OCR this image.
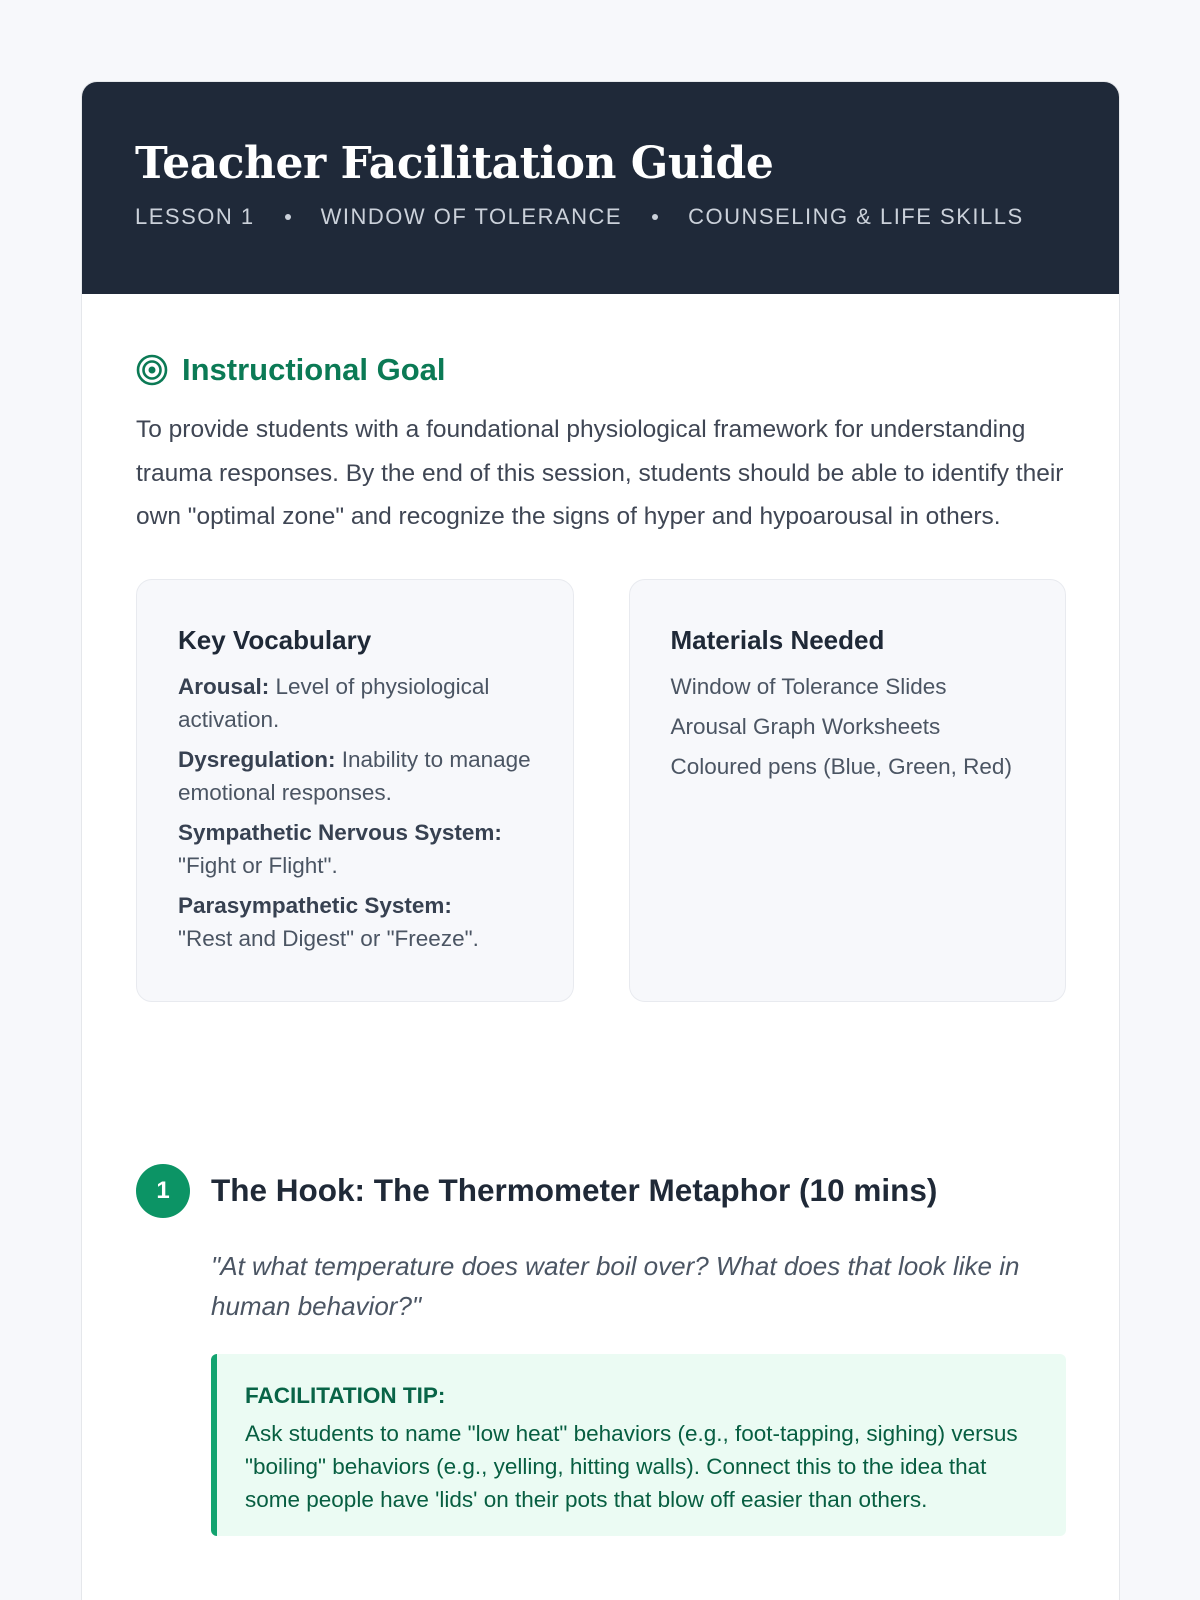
Teacher Facilitation Guide
LESSON 1	WINDOW OF TOLERANCE	COUNSELING & LIFE SKILLS
Instructional Goal

To provide students with a foundational physiological framework for understanding trauma responses. By the end of this session, students should be able to identify their own "optimal zone" and recognize the signs of hyper and hypoarousal in others.

Key Vocabulary
Arousal: Level of physiological activation.
Dysregulation: Inability to manage emotional responses.
Sympathetic Nervous System:
"Fight or Flight".
Parasympathetic System:
"Rest and Digest" or "Freeze".
Materials Needed
Window of Tolerance Slides
Arousal Graph Worksheets
Coloured pens (Blue, Green, Red)
1	The Hook: The Thermometer Metaphor (10 mins)

"At what temperature does water boil over? What does that look like in human behavior?"

FACILITATION TIP:
Ask students to name "low heat" behaviors (e.g., foot-tapping, sighing) versus "boiling" behaviors (e.g., yelling, hitting walls). Connect this to the idea that some people have 'lids' on their pots that blow off easier than others.
